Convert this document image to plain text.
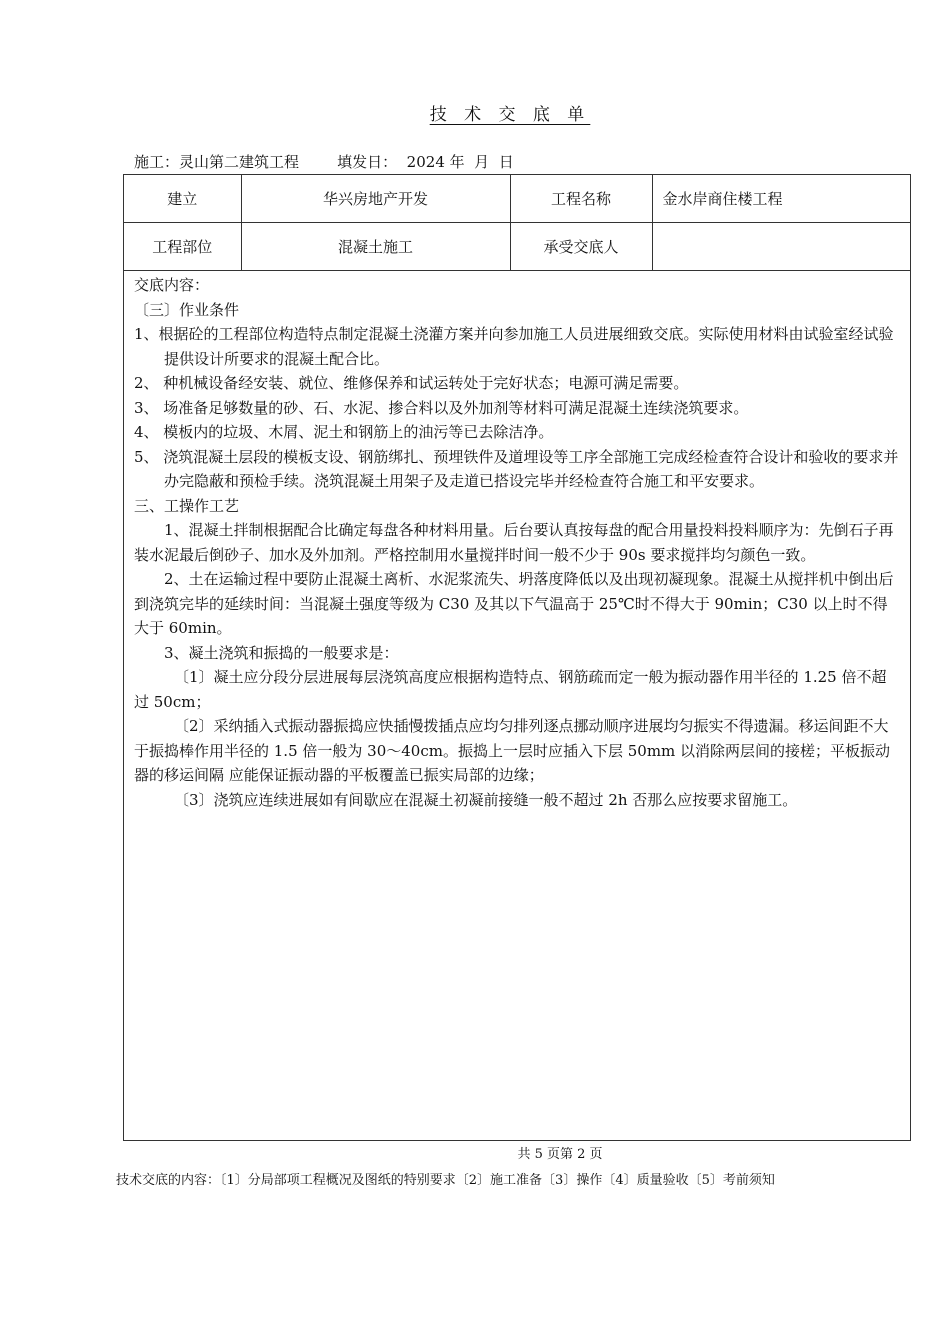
技 术 交 底 单
施工：灵山第二建筑工程        填发日：  2024 年  月  日
建立	华兴房地产开发	工程名称	金水岸商住楼工程
工程部位	混凝土施工	承受交底人	

交底内容：

〔三〕作业条件

1、根据砼的工程部位构造特点制定混凝土浇灌方案并向参加施工人员进展细致交底。实际使用材料由试验室经试验提供设计所要求的混凝土配合比。

2、 种机械设备经安装、就位、维修保养和试运转处于完好状态；电源可满足需要。

3、 场准备足够数量的砂、石、水泥、掺合料以及外加剂等材料可满足混凝土连续浇筑要求。

4、 模板内的垃圾、木屑、泥土和钢筋上的油污等已去除洁净。

5、 浇筑混凝土层段的模板支设、钢筋绑扎、预埋铁件及道埋设等工序全部施工完成经检查符合设计和验收的要求并办完隐蔽和预检手续。浇筑混凝土用架子及走道已搭设完毕并经检查符合施工和平安要求。

三、工操作工艺

1、混凝土拌制根据配合比确定每盘各种材料用量。后台要认真按每盘的配合用量投料投料顺序为：先倒石子再装水泥最后倒砂子、加水及外加剂。严格控制用水量搅拌时间一般不少于 90s 要求搅拌均匀颜色一致。

2、土在运输过程中要防止混凝土离析、水泥浆流失、坍落度降低以及出现初凝现象。混凝土从搅拌机中倒出后到浇筑完毕的延续时间：当混凝土强度等级为 C30 及其以下气温高于 25℃时不得大于 90min；C30 以上时不得大于 60min。

3、凝土浇筑和振捣的一般要求是：

〔1〕凝土应分段分层进展每层浇筑高度应根据构造特点、钢筋疏而定一般为振动器作用半径的 1.25 倍不超过 50cm；

〔2〕采纳插入式振动器振捣应快插慢拨插点应均匀排列逐点挪动顺序进展均匀振实不得遗漏。移运间距不大于振捣棒作用半径的 1.5 倍一般为 30～40cm。振捣上一层时应插入下层 50mm 以消除两层间的接槎；平板振动器的移运间隔 应能保证振动器的平板覆盖已振实局部的边缘；

〔3〕浇筑应连续进展如有间歇应在混凝土初凝前接缝一般不超过 2h 否那么应按要求留施工。

共 5 页第 2 页
技术交底的内容：〔1〕分局部项工程概况及图纸的特别要求〔2〕施工准备〔3〕操作〔4〕质量验收〔5〕考前须知
